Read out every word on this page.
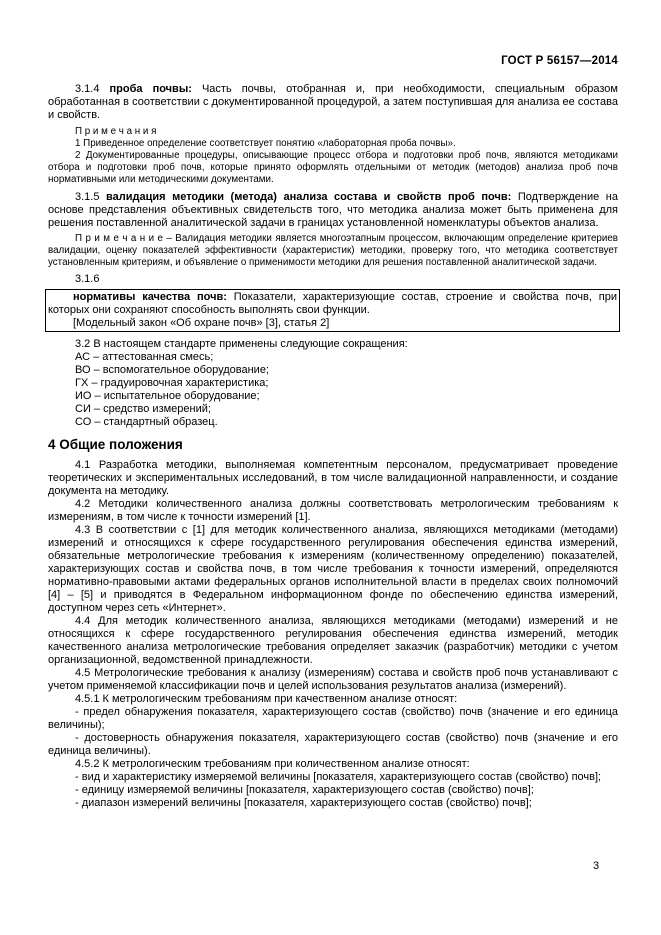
ГОСТ Р 56157—2014

3.1.4 проба почвы: Часть почвы, отобранная и, при необходимости, специальным образом обработанная в соответствии с документированной процедурой, а затем поступившая для анализа ее состава и свойств.

П р и м е ч а н и я

1 Приведенное определение соответствует понятию «лабораторная проба почвы».

2 Документированные процедуры, описывающие процесс отбора и подготовки проб почв, являются методиками отбора и подготовки проб почв, которые принято оформлять отдельными от методик (методов) анализа проб почв нормативными или методическими документами.

3.1.5 валидация методики (метода) анализа состава и свойств проб почв: Подтверждение на основе представления объективных свидетельств того, что методика анализа может быть применена для решения поставленной аналитической задачи в границах установленной номенклатуры объектов анализа.

П р и м е ч а н и е – Валидация методики является многоэтапным процессом, включающим определение критериев валидации, оценку показателей эффективности (характеристик) методики, проверку того, что методика соответствует установленным критериям, и объявление о применимости методики для решения поставленной аналитической задачи.

3.1.6

нормативы качества почв: Показатели, характеризующие состав, строение и свойства почв, при которых они сохраняют способность выполнять свои функции.

[Модельный закон «Об охране почв» [3], статья 2]

3.2 В настоящем стандарте применены следующие сокращения:

АС – аттестованная смесь;

ВО – вспомогательное оборудование;

ГХ – градуировочная характеристика;

ИО – испытательное оборудование;

СИ – средство измерений;

СО – стандартный образец.

4 Общие положения

4.1 Разработка методики, выполняемая компетентным персоналом, предусматривает проведение теоретических и экспериментальных исследований, в том числе валидационной направленности, и создание документа на методику.

4.2 Методики количественного анализа должны соответствовать метрологическим требованиям к измерениям, в том числе к точности измерений [1].

4.3 В соответствии с [1] для методик количественного анализа, являющихся методиками (методами) измерений и относящихся к сфере государственного регулирования обеспечения единства измерений, обязательные метрологические требования к измерениям (количественному определению) показателей, характеризующих состав и свойства почв, в том числе требования к точности измерений, определяются нормативно-правовыми актами федеральных органов исполнительной власти в пределах своих полномочий [4] – [5] и приводятся в Федеральном информационном фонде по обеспечению единства измерений, доступном через сеть «Интернет».

4.4 Для методик количественного анализа, являющихся методиками (методами) измерений и не относящихся к сфере государственного регулирования обеспечения единства измерений, методик качественного анализа метрологические требования определяет заказчик (разработчик) методики с учетом организационной, ведомственной принадлежности.

4.5 Метрологические требования к анализу (измерениям) состава и свойств проб почв устанавливают с учетом применяемой классификации почв и целей использования результатов анализа (измерений).

4.5.1 К метрологическим требованиям при качественном анализе относят:

- предел обнаружения показателя, характеризующего состав (свойство) почв (значение и его единица величины);

- достоверность обнаружения показателя, характеризующего состав (свойство) почв (значение и его единица величины).

4.5.2 К метрологическим требованиям при количественном анализе относят:

- вид и характеристику измеряемой величины [показателя, характеризующего состав (свойство) почв];

- единицу измеряемой величины [показателя, характеризующего состав (свойство) почв];

- диапазон измерений величины [показателя, характеризующего состав (свойство) почв];

3
